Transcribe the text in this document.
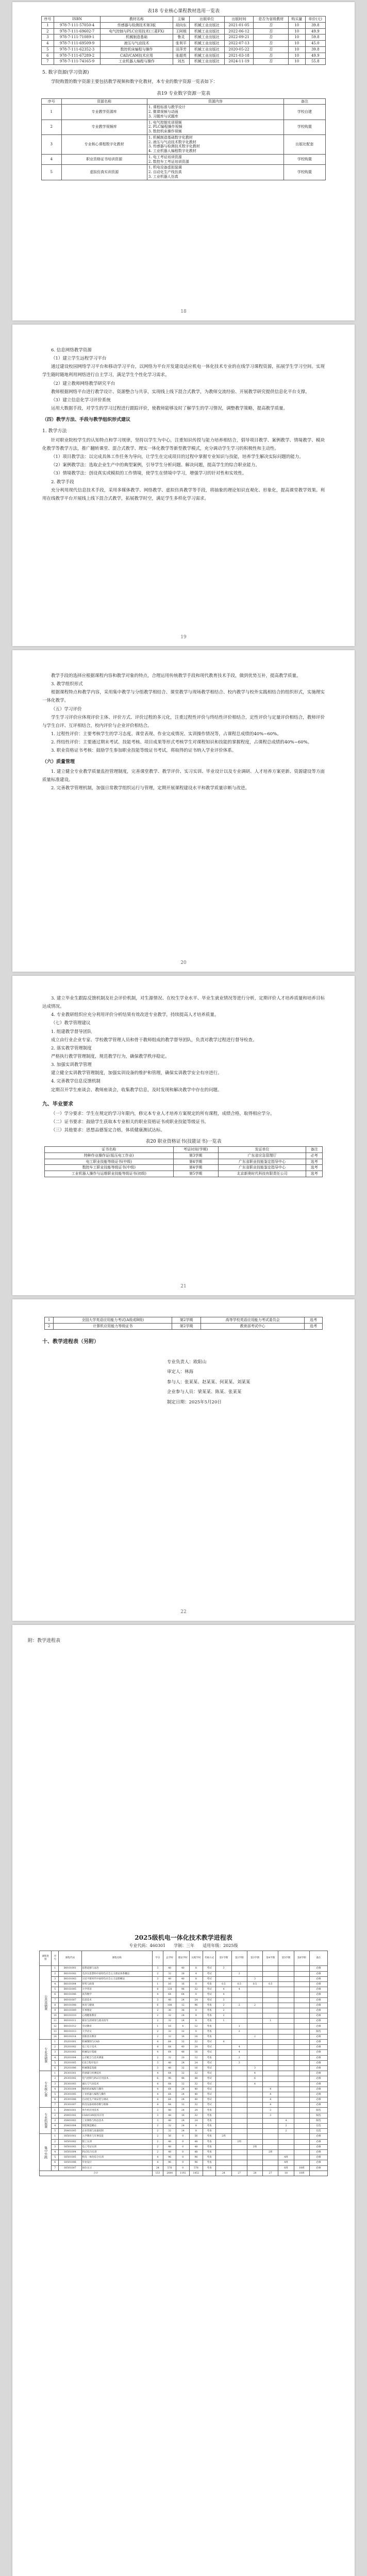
表18 专业核心课程教材选用一览表
序号	ISBN	教材名称	主编	出版单位	出版时间	是否为省级教材	购买量	单价(元)
1	978-7-111-57050-4	传感器与检测技术第3版	胡向东	机械工业出版社	2021-01-05	否	10	39.8
2	978-7-111-69602-7	电气控制与PLC应用技术(三菱FX)	王阿根	机械工业出版社	2022-06-12	否	10	49.9
3	978-7-111-71089-1	机械制造基础	鲁灵	机械工业出版社	2022-09-21	否	10	59.8
4	978-7-111-69509-9	液压与气动技术	张利平	机械工业出版社	2022-07-13	否	10	45.0
5	978-7-111-62352-3	数控机床编程与操作	田萍芳	机械工业出版社	2020-05-22	否	10	39.8
6	978-7-111-67289-2	CAD/CAM技术应用	张超英	机械工业出版社	2021-03-18	否	10	49.9
7	978-7-111-74165-9	工业机器人编程与操作	刘杰	机械工业出版社	2024-11-19	否	10	55.8
5. 数字资源(学习资源)
学院购置的数字资源主要包括教学视频和数字化教材，本专业的数字资源一览表如下：
表19 专业数字资源一览表
序号	资源名称	资源内容	备注
1	专业教学资源库	1. 课程标准与教学设计
2. 微课视频与动画
3. 习题库与试题库	学校自建
2	专业教学视频库	1. 电气控制实训视频
2. PLC编程操作视频
3. 数控机床操作视频	学校购置
3	专业核心课程数字化教材	1. 机械制造基础数字化教材
2. 液压与气动技术数字化教材
3. 传感器与检测技术数字化教材
4. 工业机器人编程数字化教材	出版社配套
4	职业资格证书培训资源	1. 电工考证培训资源
2. 数控车工考证培训资源	学校购置
5	虚拟仿真实训资源	1. 机电设备虚拟装调
2. 自动化生产线仿真
3. 工业机器人仿真	学校购置
18
6. 信息网络教学资源
（1）建立学生远程学习平台
通过建设校园网络学习平台和移动学习平台，以网络为平台开发建设适应机电一体化技术专业的在线学习课程资源，拓展学生学习空间。实现学生随时随地利用网络进行自主学习，满足学生个性化学习需求。
（2）建立教师网络教学研究平台
教师根据网络平台进行教学设计、资源整合与共享，实现线上线下混合式教学，为教师交流经验、开展教学研究提供信息化平台支撑。
（3）建立信息化学习评价系统
运用大数据手段，对学生的学习过程进行跟踪评价，使教师能够及时了解学生的学习情况，调整教学策略，提高教学质量。
（四）教学方法、手段与教学组织形式建议
1. 教学方法
针对职业院校学生的认知特点和学习规律，坚持以学生为中心，注重知识传授与能力培养相结合，倡导项目教学、案例教学、情境教学、模块化教学等教学方法，推广翻转课堂、混合式教学、理实一体化教学等新型教学模式，充分调动学生学习的积极性和主动性。
（1）项目教学法：以完成具体工作任务为导向，让学生在完成项目的过程中掌握专业知识与技能，培养学生解决实际问题的能力。
（2）案例教学法：选取企业生产中的典型案例，引导学生分析问题、解决问题，提高学生的综合职业能力。
（3）情境教学法：创设真实或模拟的工作情境，使学生在情境中学习，增强学习的针对性和实效性。
2. 教学手段
充分利用现代信息技术手段，采用多媒体教学、网络教学、虚拟仿真教学等手段，将抽象的理论知识直观化、形象化，提高课堂教学效果。利用在线教学平台开展线上线下混合式教学，拓展教学时空，满足学生多样化学习需求。
19
教学手段的选择应根据课程内容和教学对象的特点，合理运用传统教学手段和现代教育技术手段，做到优势互补，提高教学质量。
3. 教学组织形式
根据课程特点和教学内容，采用集中教学与分组教学相结合、课堂教学与现场教学相结合、校内教学与校外实践相结合的组织形式，实施理实一体化教学。
（五）学习评价
学生学习评价应体现评价主体、评价方式、评价过程的多元化，注重过程性评价与终结性评价相结合，定性评价与定量评价相结合，教师评价与学生自评、互评相结合，校内评价与企业评价相结合。
1. 过程性评价：主要考核学生的学习态度、课堂表现、作业完成情况、实训操作情况等，占课程总成绩的40%~60%。
2. 终结性评价：主要通过期末考试、技能考核、项目成果等形式考核学生对课程知识和技能的掌握程度，占课程总成绩的40%~60%。
3. 职业资格证书考核：鼓励学生参加职业技能等级证书考试，将取得的证书纳入学业评价体系。
（六）质量管理
1. 建立健全专业教学质量监控管理制度，完善课堂教学、教学评价、实习实训、毕业设计以及专业调研、人才培养方案更新、资源建设等方面质量标准建设。
2. 完善教学管理机制，加强日常教学组织运行与管理，定期开展课程建设水平和教学质量诊断与改进。
20
3. 建立毕业生跟踪反馈机制及社会评价机制，对生源情况、在校生学业水平、毕业生就业情况等进行分析，定期评价人才培养质量和培养目标达成情况。
4. 专业教研组织应充分利用评价分析结果有效改进专业教学，持续提高人才培养质量。
（七）教学管理建议
1. 组建教学督导团队
成立由行业企业专家、学校教学管理人员和骨干教师组成的教学督导团队，负责对教学过程进行督导检查。
2. 落实教学管理制度
严格执行教学管理制度，规范教学行为，确保教学秩序稳定。
3. 加强实训教学管理
建立健全实训教学管理制度，加强实训设备的维护和管理，确保实训教学安全有序进行。
4. 完善教学信息反馈机制
定期召开学生座谈会、教师座谈会，收集教学信息，及时发现和解决教学中存在的问题。
九、毕业要求
（一）学分要求：学生在规定的学习年限内，修完本专业人才培养方案规定的所有课程，成绩合格，取得相应学分。
（二）证书要求：鼓励学生获取本专业相关的职业资格证书或职业技能等级证书。
（三）其他要求：思想品德鉴定合格，体质健康测试达标。
表20 职业资格证书(技能证书)一览表
证书名称	考证时间(学期)	发证单位	备注
特种作业操作证(低压电工作业)	第3学期	广东省应急管理厅	必考
电工职业技能等级证书(中级)	第4学期	广东省职业技能鉴定指导中心	选考
数控车工职业技能等级证书(中级)	第4学期	广东省职业技能鉴定指导中心	选考
工业机器人操作与运维职业技能等级证书(初级)	第5学期	北京新奥时代科技有限责任公司	选考
21
1	全国大学英语应用能力考试(A级或B级)	第2学期	高等学校英语应用能力考试委员会	选考
2	计算机应用能力等级证书	第2学期	教育部考试中心	选考
十、教学进程表（另附）
专业负责人：欧阳山
审定人：林海
参与人：张某某、赵某某、何某某、刘某某
企业参与人员：梁某某、陈某、张某某
制定日期：2025年5月20日
22
附：教学进程表
2025级机电一体化技术教学进程表
专业代码：460301　　学制：三年　　适用年级：2025级
课程类别	序号	课程代码	课程名称	学分	总学时	理论学时	实践学时	考核方式	第1学期	第2学期	第3学期	第4学期	第5学期	第6学期	备注
公共基础课	1	B0101001	思想道德与法治	3	48	40	8	考试	3						必修
	2	B0101002	毛泽东思想和中国特色社会主义理论体系概论	2	32	28	4	考试		2					必修
	3	B0101003	习近平新时代中国特色社会主义思想概论	3	48	40	8	考试			3				必修
	4	B0101004	形势与政策	1	16	16	0	考查	0.5	0.5	0.5	0.5			必修
	5	B0101005	大学英语	8	128	96	32	考试	4	4					必修
	6	B0101006	高等数学	4	64	64	0	考试	4						必修
	7	B0101007	信息技术	3	48	24	24	考试	3						必修
	8	B0101008	体育与健康	6	108	12	96	考查	2	2	2				必修
	9	B0101009	军事理论	2	36	36	0	考查	2						必修
	10	B0101010	心理健康教育	2	32	24	8	考查	2						必修
	11	B0101011	职业生涯规划与就业指导	2	32	24	8	考查	1			1			必修
	12	B0101012	劳动教育	1	16	4	12	考查		1					必修
	13	B0101013	大学语文	2	32	32	0	考查		2					限选
	14	B0101014	创新创业教育	2	32	16	16	考查			2				必修
专业基础课	1	Z0201001	机械制图与CAD	4	64	32	32	考试	4						必修
	2	Z0201002	电工电子技术	4	64	40	24	考试		4					必修
	3	Z0201003	机械设计基础	4	64	48	16	考试		4					必修
	4	Z0201004	公差配合与技术测量	2	32	20	12	考查		2					必修
	5	Z0201005	C语言程序设计	3	48	24	24	考试		3					必修
	6	Z0201006	机械制造基础	3	48	32	16	考试			3				必修
专业核心课	1	Z0301001	传感器与检测技术	4	64	32	32	考试			4				必修
	2	Z0301002	电气控制与PLC应用技术	6	96	48	48	考试			6				必修
	3	Z0301003	液压与气动技术	4	64	32	32	考试			4				必修
	4	Z0301004	数控机床编程与操作	4	64	24	40	考试				4			必修
	5	Z0301005	工业机器人编程与操作	4	64	24	40	考试				4			必修
	6	Z0301006	自动化生产线安装与调试	4	64	24	40	考试				4			必修
	7	Z0301007	机电设备故障诊断与维修	4	64	32	32	考试				4			必修
专业拓展课	1	Z0401001	单片机应用技术	3	48	24	24	考查				3			限选
	2	Z0401002	CAD/CAM技术应用	3	48	16	32	考查				3			限选
	3	Z0401003	工业网络与组态技术	3	48	24	24	考查					4		限选
	4	Z0401004	智能制造概论	2	32	24	8	考查					2		任选
	5	Z0401005	企业管理与质量控制	2	32	24	8	考查					2		任选
集中实践	1	S0501001	入学教育与军事技能	2	56	0	56	考查	2周						必修
	2	S0501002	钳工实训	2	48	0	48	考查		2周					必修
	3	S0501003	电工考证实训	2	48	0	48	考查			2周				必修
	4	S0501004	PLC综合实训	2	48	0	48	考查				2周			必修
	5	S0501005	机电一体化综合实训	4	96	0	96	考查					4周		必修
	6	S0501006	毕业设计	4	96	0	96	考查					4周		必修
	7	S0501007	岗位实习	24	576	0	576	考查					6周	18周	必修
合计				153	2644	1192	1452		24	27	28	27	18	18周	
